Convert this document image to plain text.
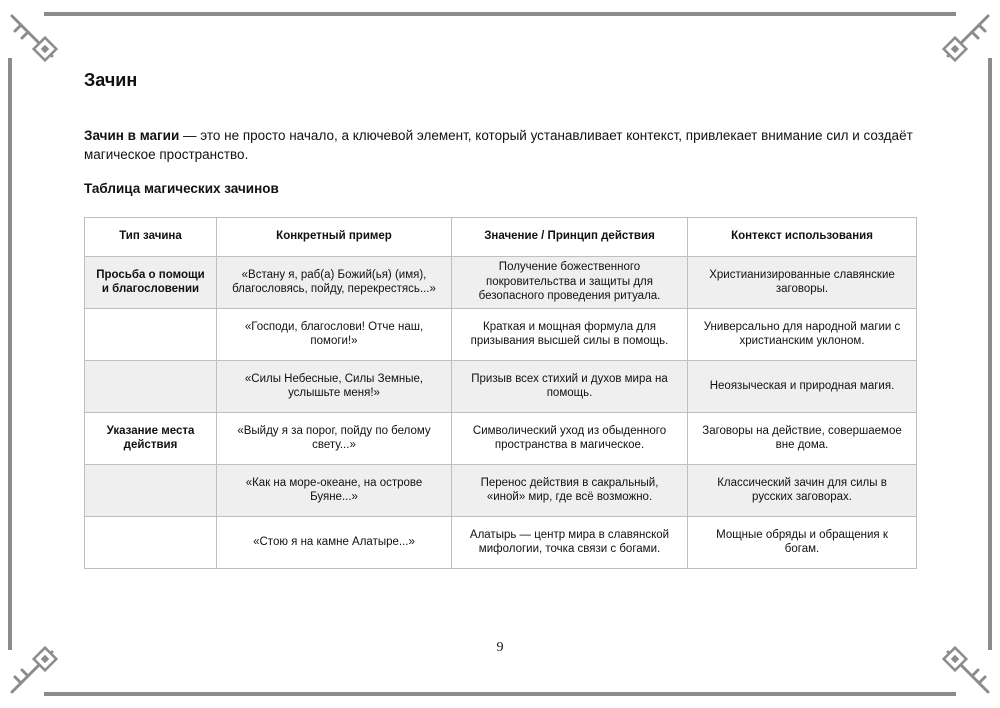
Зачин

Зачин в магии — это не просто начало, а ключевой элемент, который устанавливает контекст, привлекает внимание сил и создаёт магическое пространство.

Таблица магических зачинов
Тип зачина	Конкретный пример	Значение / Принцип действия	Контекст использования

Просьба о помощи и благословении	«Встану я, раб(а) Божий(ья) (имя), благословясь, пойду, перекрестясь...»	Получение божественного покровительства и защиты для безопасного проведения ритуала.	Христианизированные славянские заговоры.

	«Господи, благослови! Отче наш, помоги!»	Краткая и мощная формула для призывания высшей силы в помощь.	Универсально для народной магии с христианским уклоном.

	«Силы Небесные, Силы Земные, услышьте меня!»	Призыв всех стихий и духов мира на помощь.	Неоязыческая и природная магия.

Указание места действия	«Выйду я за порог, пойду по белому свету...»	Символический уход из обыденного пространства в магическое.	Заговоры на действие, совершаемое вне дома.

	«Как на море-океане, на острове Буяне...»	Перенос действия в сакральный, «иной» мир, где всё возможно.	Классический зачин для силы в русских заговорах.

	«Стою я на камне Алатыре...»	Алатырь — центр мира в славянской мифологии, точка связи с богами.	Мощные обряды и обращения к богам.
9
